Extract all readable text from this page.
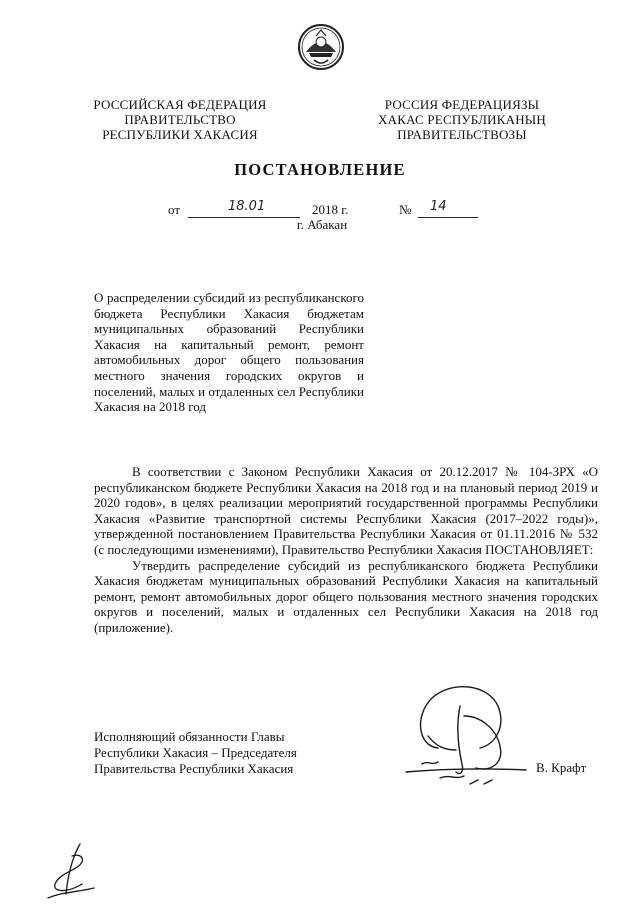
РОССИЙСКАЯ ФЕДЕРАЦИЯ
ПРАВИТЕЛЬСТВО
РЕСПУБЛИКИ ХАКАСИЯ
РОССИЯ ФЕДЕРАЦИЯЗЫ
ХАКАС РЕСПУБЛИКАНЫҢ
ПРАВИТЕЛЬСТВОЗЫ
ПОСТАНОВЛЕНИЕ
от	18.01	2018 г.	№ 14
г. Абакан
О распределении субсидий из республиканского бюджета Республики Хакасия бюджетам муниципальных образований Республики Хакасия на капитальный ремонт, ремонт автомобильных дорог общего пользования местного значения городских округов и поселений, малых и отдаленных сел Республики Хакасия на 2018 год

В соответствии с Законом Республики Хакасия от 20.12.2017 № 104-ЗРХ «О республиканском бюджете Республики Хакасия на 2018 год и на плановый период 2019 и 2020 годов», в целях реализации мероприятий государственной программы Республики Хакасия «Развитие транспортной системы Республики Хакасия (2017–2022 годы)», утвержденной постановлением Правительства Республики Хакасия от 01.11.2016 № 532 (с последующими изменениями), Правительство Республики Хакасия ПОСТАНОВЛЯЕТ:

Утвердить распределение субсидий из республиканского бюджета Республики Хакасия бюджетам муниципальных образований Республики Хакасия на капитальный ремонт, ремонт автомобильных дорог общего пользования местного значения городских округов и поселений, малых и отдаленных сел Республики Хакасия на 2018 год (приложение).

Исполняющий обязанности Главы
Республики Хакасия – Председателя
Правительства Республики Хакасия	В. Крафт
